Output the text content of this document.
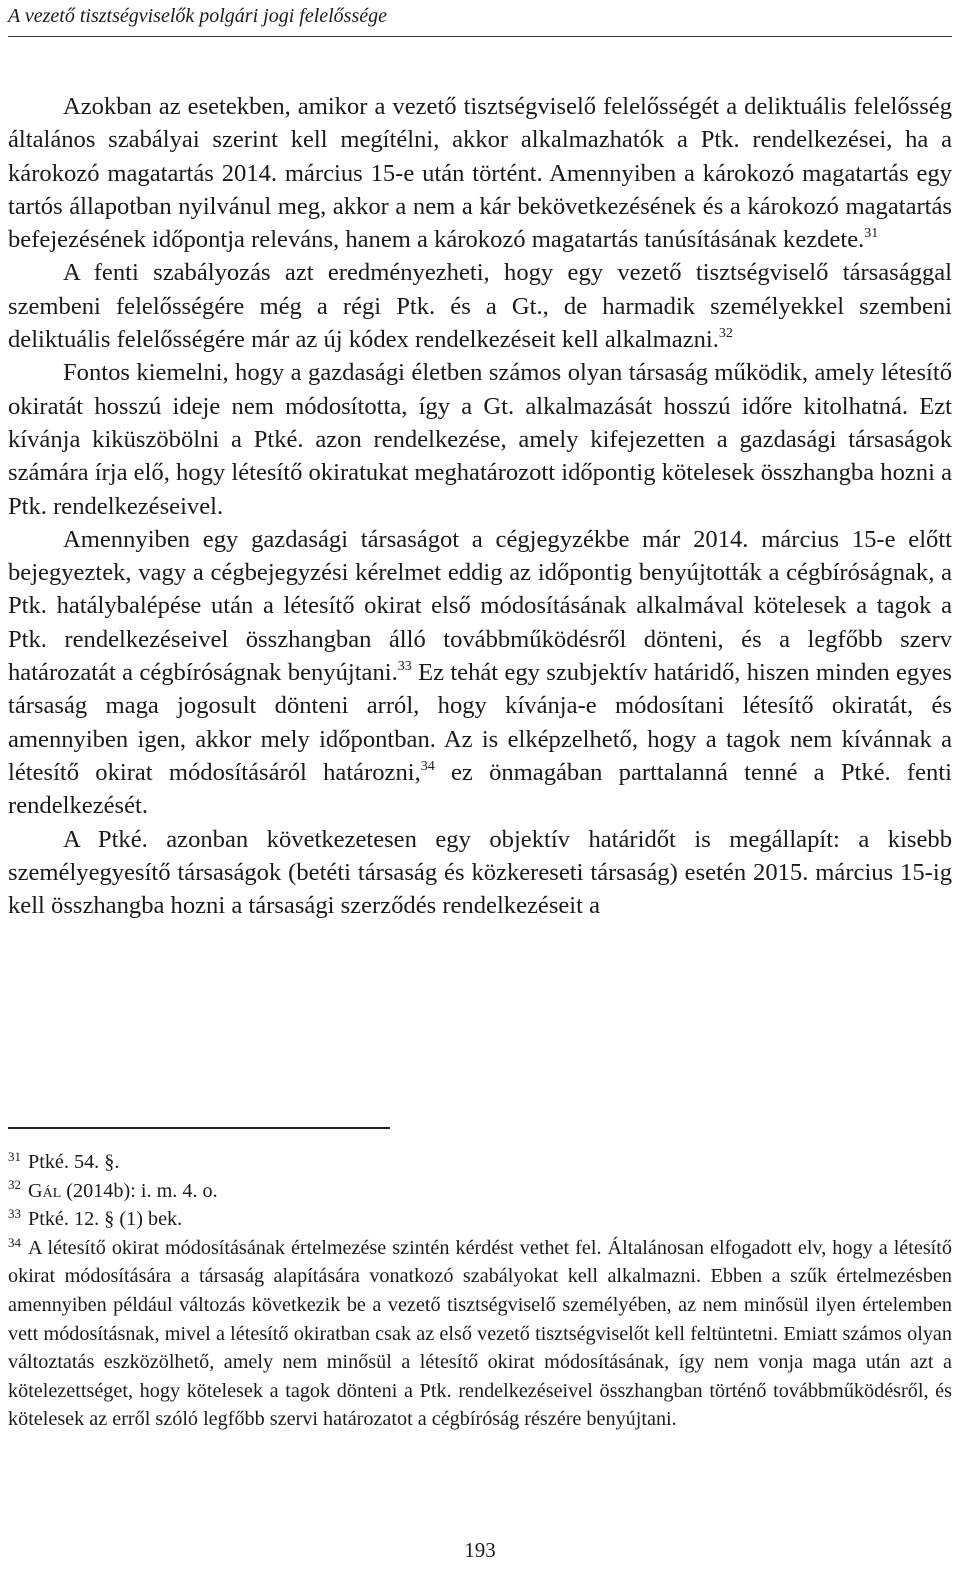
A vezető tisztségviselők polgári jogi felelőssége

Azokban az esetekben, amikor a vezető tisztségviselő felelősségét a deliktuális felelősség általános szabályai szerint kell megítélni, akkor alkalmazhatók a Ptk. rendelkezései, ha a károkozó magatartás 2014. március 15-e után történt. Amennyiben a károkozó magatartás egy tartós állapotban nyilvánul meg, akkor a nem a kár bekövetkezésének és a károkozó magatartás befejezésének időpontja releváns, hanem a károkozó magatartás tanúsításának kezdete.$^{31}$

A fenti szabályozás azt eredményezheti, hogy egy vezető tisztségviselő társasággal szembeni felelősségére még a régi Ptk. és a Gt., de harmadik személyekkel szembeni deliktuális felelősségére már az új kódex rendelkezéseit kell alkalmazni.$^{32}$

Fontos kiemelni, hogy a gazdasági életben számos olyan társaság működik, amely létesítő okiratát hosszú ideje nem módosította, így a Gt. alkalmazását hosszú időre kitolhatná. Ezt kívánja kiküszöbölni a Ptké. azon rendelkezése, amely kifejezetten a gazdasági társaságok számára írja elő, hogy létesítő okiratukat meghatározott időpontig kötelesek összhangba hozni a Ptk. rendelkezéseivel.

Amennyiben egy gazdasági társaságot a cégjegyzékbe már 2014. március 15-e előtt bejegyeztek, vagy a cégbejegyzési kérelmet eddig az időpontig benyújtották a cégbíróságnak, a Ptk. hatálybalépése után a létesítő okirat első módosításának alkalmával kötelesek a tagok a Ptk. rendelkezéseivel összhangban álló továbbműködésről dönteni, és a legfőbb szerv határozatát a cégbíróságnak benyújtani.$^{33}$ Ez tehát egy szubjektív határidő, hiszen minden egyes társaság maga jogosult dönteni arról, hogy kívánja-e módosítani létesítő okiratát, és amennyiben igen, akkor mely időpontban. Az is elképzelhető, hogy a tagok nem kívánnak a létesítő okirat módosításáról határozni,$^{34}$ ez önmagában parttalanná tenné a Ptké. fenti rendelkezését.

A Ptké. azonban következetesen egy objektív határidőt is megállapít: a kisebb személyegyesítő társaságok (betéti társaság és közkereseti társaság) esetén 2015. március 15-ig kell összhangba hozni a társasági szerződés rendelkezéseit a

$^{31}$ Ptké. 54. §.

$^{32}$ Gál (2014b): i. m. 4. o.

$^{33}$ Ptké. 12. § (1) bek.

$^{34}$ A létesítő okirat módosításának értelmezése szintén kérdést vethet fel. Általánosan elfogadott elv, hogy a létesítő okirat módosítására a társaság alapítására vonatkozó szabályokat kell alkalmazni. Ebben a szűk értelmezésben amennyiben például változás következik be a vezető tisztségviselő személyében, az nem minősül ilyen értelemben vett módosításnak, mivel a létesítő okiratban csak az első vezető tisztségviselőt kell feltüntetni. Emiatt számos olyan változtatás eszközölhető, amely nem minősül a létesítő okirat módosításának, így nem vonja maga után azt a kötelezettséget, hogy kötelesek a tagok dönteni a Ptk. rendelkezéseivel összhangban történő továbbműködésről, és kötelesek az erről szóló legfőbb szervi határozatot a cégbíróság részére benyújtani.

193
